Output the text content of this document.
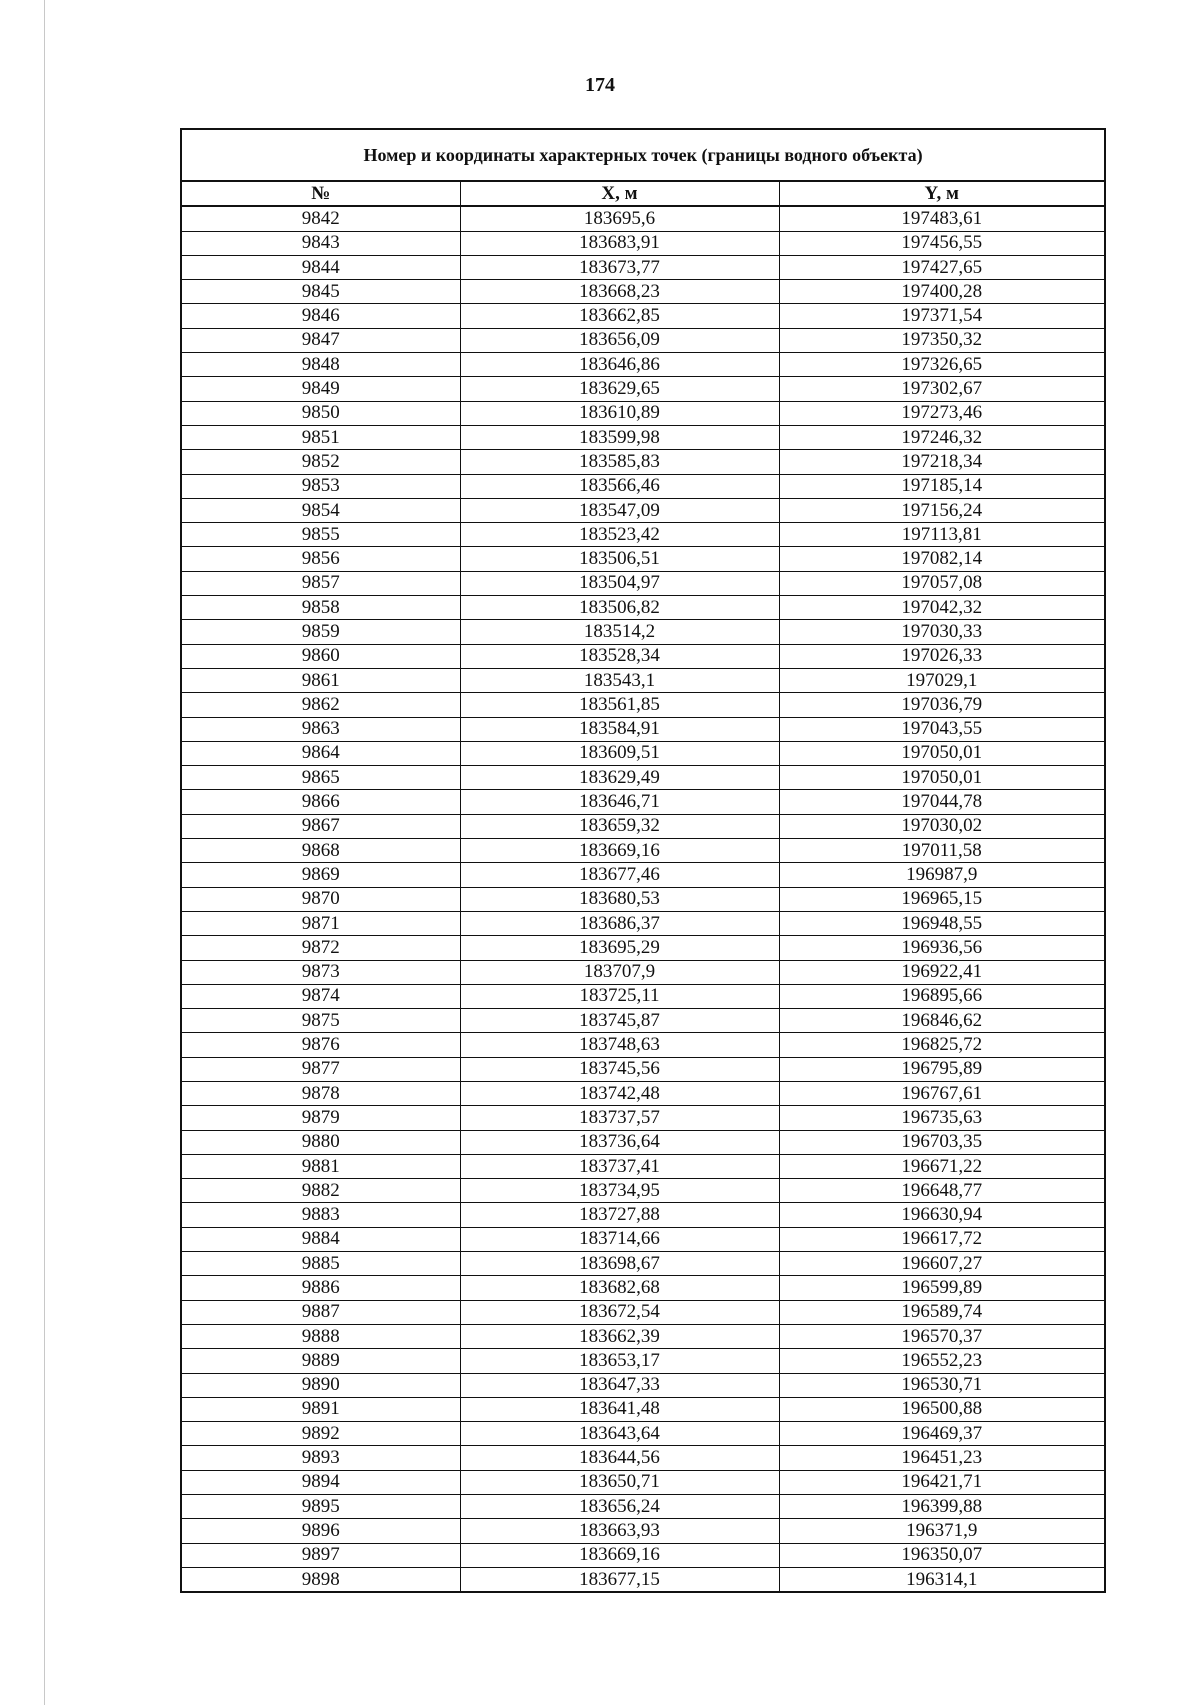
174
Номер и координаты характерных точек (границы водного объекта)
№	Х, м	Y, м
9842	183695,6	197483,61
9843	183683,91	197456,55
9844	183673,77	197427,65
9845	183668,23	197400,28
9846	183662,85	197371,54
9847	183656,09	197350,32
9848	183646,86	197326,65
9849	183629,65	197302,67
9850	183610,89	197273,46
9851	183599,98	197246,32
9852	183585,83	197218,34
9853	183566,46	197185,14
9854	183547,09	197156,24
9855	183523,42	197113,81
9856	183506,51	197082,14
9857	183504,97	197057,08
9858	183506,82	197042,32
9859	183514,2	197030,33
9860	183528,34	197026,33
9861	183543,1	197029,1
9862	183561,85	197036,79
9863	183584,91	197043,55
9864	183609,51	197050,01
9865	183629,49	197050,01
9866	183646,71	197044,78
9867	183659,32	197030,02
9868	183669,16	197011,58
9869	183677,46	196987,9
9870	183680,53	196965,15
9871	183686,37	196948,55
9872	183695,29	196936,56
9873	183707,9	196922,41
9874	183725,11	196895,66
9875	183745,87	196846,62
9876	183748,63	196825,72
9877	183745,56	196795,89
9878	183742,48	196767,61
9879	183737,57	196735,63
9880	183736,64	196703,35
9881	183737,41	196671,22
9882	183734,95	196648,77
9883	183727,88	196630,94
9884	183714,66	196617,72
9885	183698,67	196607,27
9886	183682,68	196599,89
9887	183672,54	196589,74
9888	183662,39	196570,37
9889	183653,17	196552,23
9890	183647,33	196530,71
9891	183641,48	196500,88
9892	183643,64	196469,37
9893	183644,56	196451,23
9894	183650,71	196421,71
9895	183656,24	196399,88
9896	183663,93	196371,9
9897	183669,16	196350,07
9898	183677,15	196314,1
